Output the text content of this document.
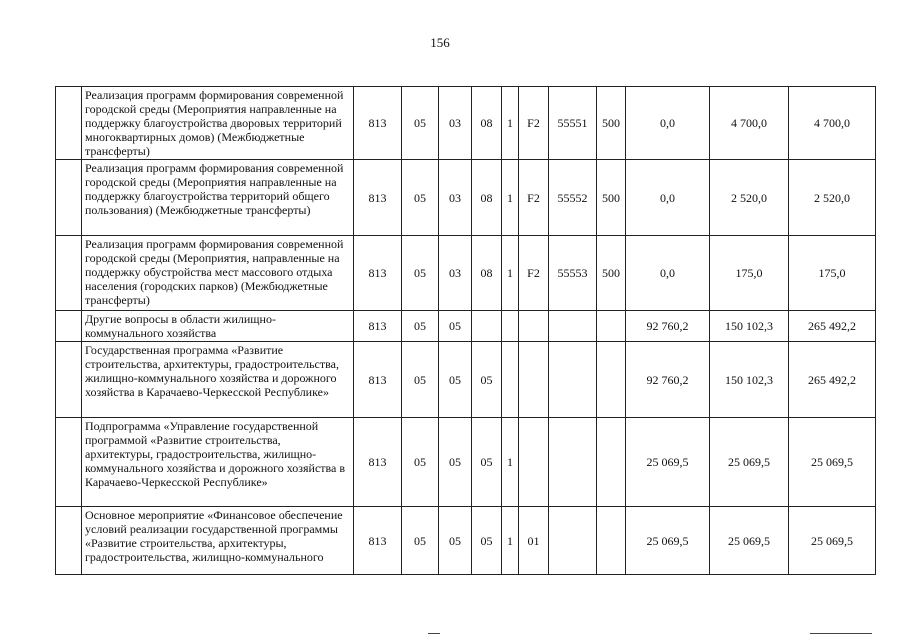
156
	Реализация программ формирования современной городской среды (Мероприятия направленные на поддержку благоустройства дворовых территорий многоквартирных домов) (Межбюджетные трансферты)	813	05	03	08	1	F2	55551	500	0,0	4 700,0	4 700,0
	Реализация программ формирования современной городской среды (Мероприятия направленные на поддержку благоустройства территорий общего пользования) (Межбюджетные трансферты)	813	05	03	08	1	F2	55552	500	0,0	2 520,0	2 520,0
	Реализация программ формирования современной городской среды (Мероприятия, направленные на поддержку обустройства мест массового отдыха населения (городских парков) (Межбюджетные трансферты)	813	05	03	08	1	F2	55553	500	0,0	175,0	175,0
	Другие вопросы в области жилищно-коммунального хозяйства	813	05	05						92 760,2	150 102,3	265 492,2
	Государственная программа «Развитие строительства, архитектуры, градостроительства, жилищно-коммунального хозяйства и дорожного хозяйства в Карачаево-Черкесской Республике»	813	05	05	05					92 760,2	150 102,3	265 492,2
	Подпрограмма «Управление государственной программой «Развитие строительства, архитектуры, градостроительства, жилищно-коммунального хозяйства и дорожного хозяйства в Карачаево-Черкесской Республике»	813	05	05	05	1				25 069,5	25 069,5	25 069,5
	Основное мероприятие «Финансовое обеспечение условий реализации государственной программы «Развитие строительства, архитектуры, градостроительства, жилищно-коммунального	813	05	05	05	1	01			25 069,5	25 069,5	25 069,5
